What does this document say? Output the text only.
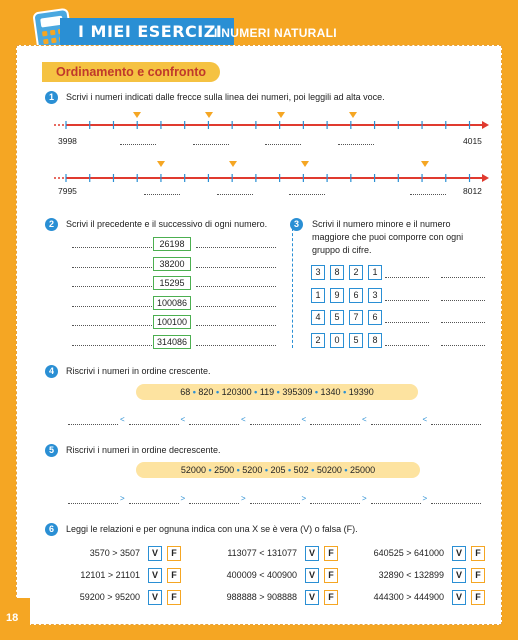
I MIEI ESERCIZI
I NUMERI NATURALI
Ordinamento e confronto
1	Scrivi i numeri indicati dalle frecce sulla linea dei numeri, poi leggili ad alta voce.
3998	4015
7995	8012
2	Scrivi il precedente e il successivo di ogni numero.	3	Scrivi il numero minore e il numero
maggiore che puoi comporre con ogni
gruppo di cifre.
4	Riscrivi i numeri in ordine crescente.
68 • 820 • 120300 • 119 • 395309 • 1340 • 19390
5	Riscrivi i numeri in ordine decrescente.
52000 • 2500 • 5200 • 205 • 502 • 50200 • 25000
6	Leggi le relazioni e per ognuna indica con una X se è vera (V) o falsa (F).
18
26198
38200
15295
100086
100100
314086
3	8	2	1
1	9	6	3
4	5	7	6
2	0	5	8
<	<	<	<	<	<
>	>	>	>	>	>
3570 > 3507	V	F	113077 < 131077	V	F	640525 > 641000	V	F
12101 > 21101	V	F	400009 < 400900	V	F	32890 < 132899	V	F
59200 > 95200	V	F	988888 > 908888	V	F	444300 > 444900	V	F
